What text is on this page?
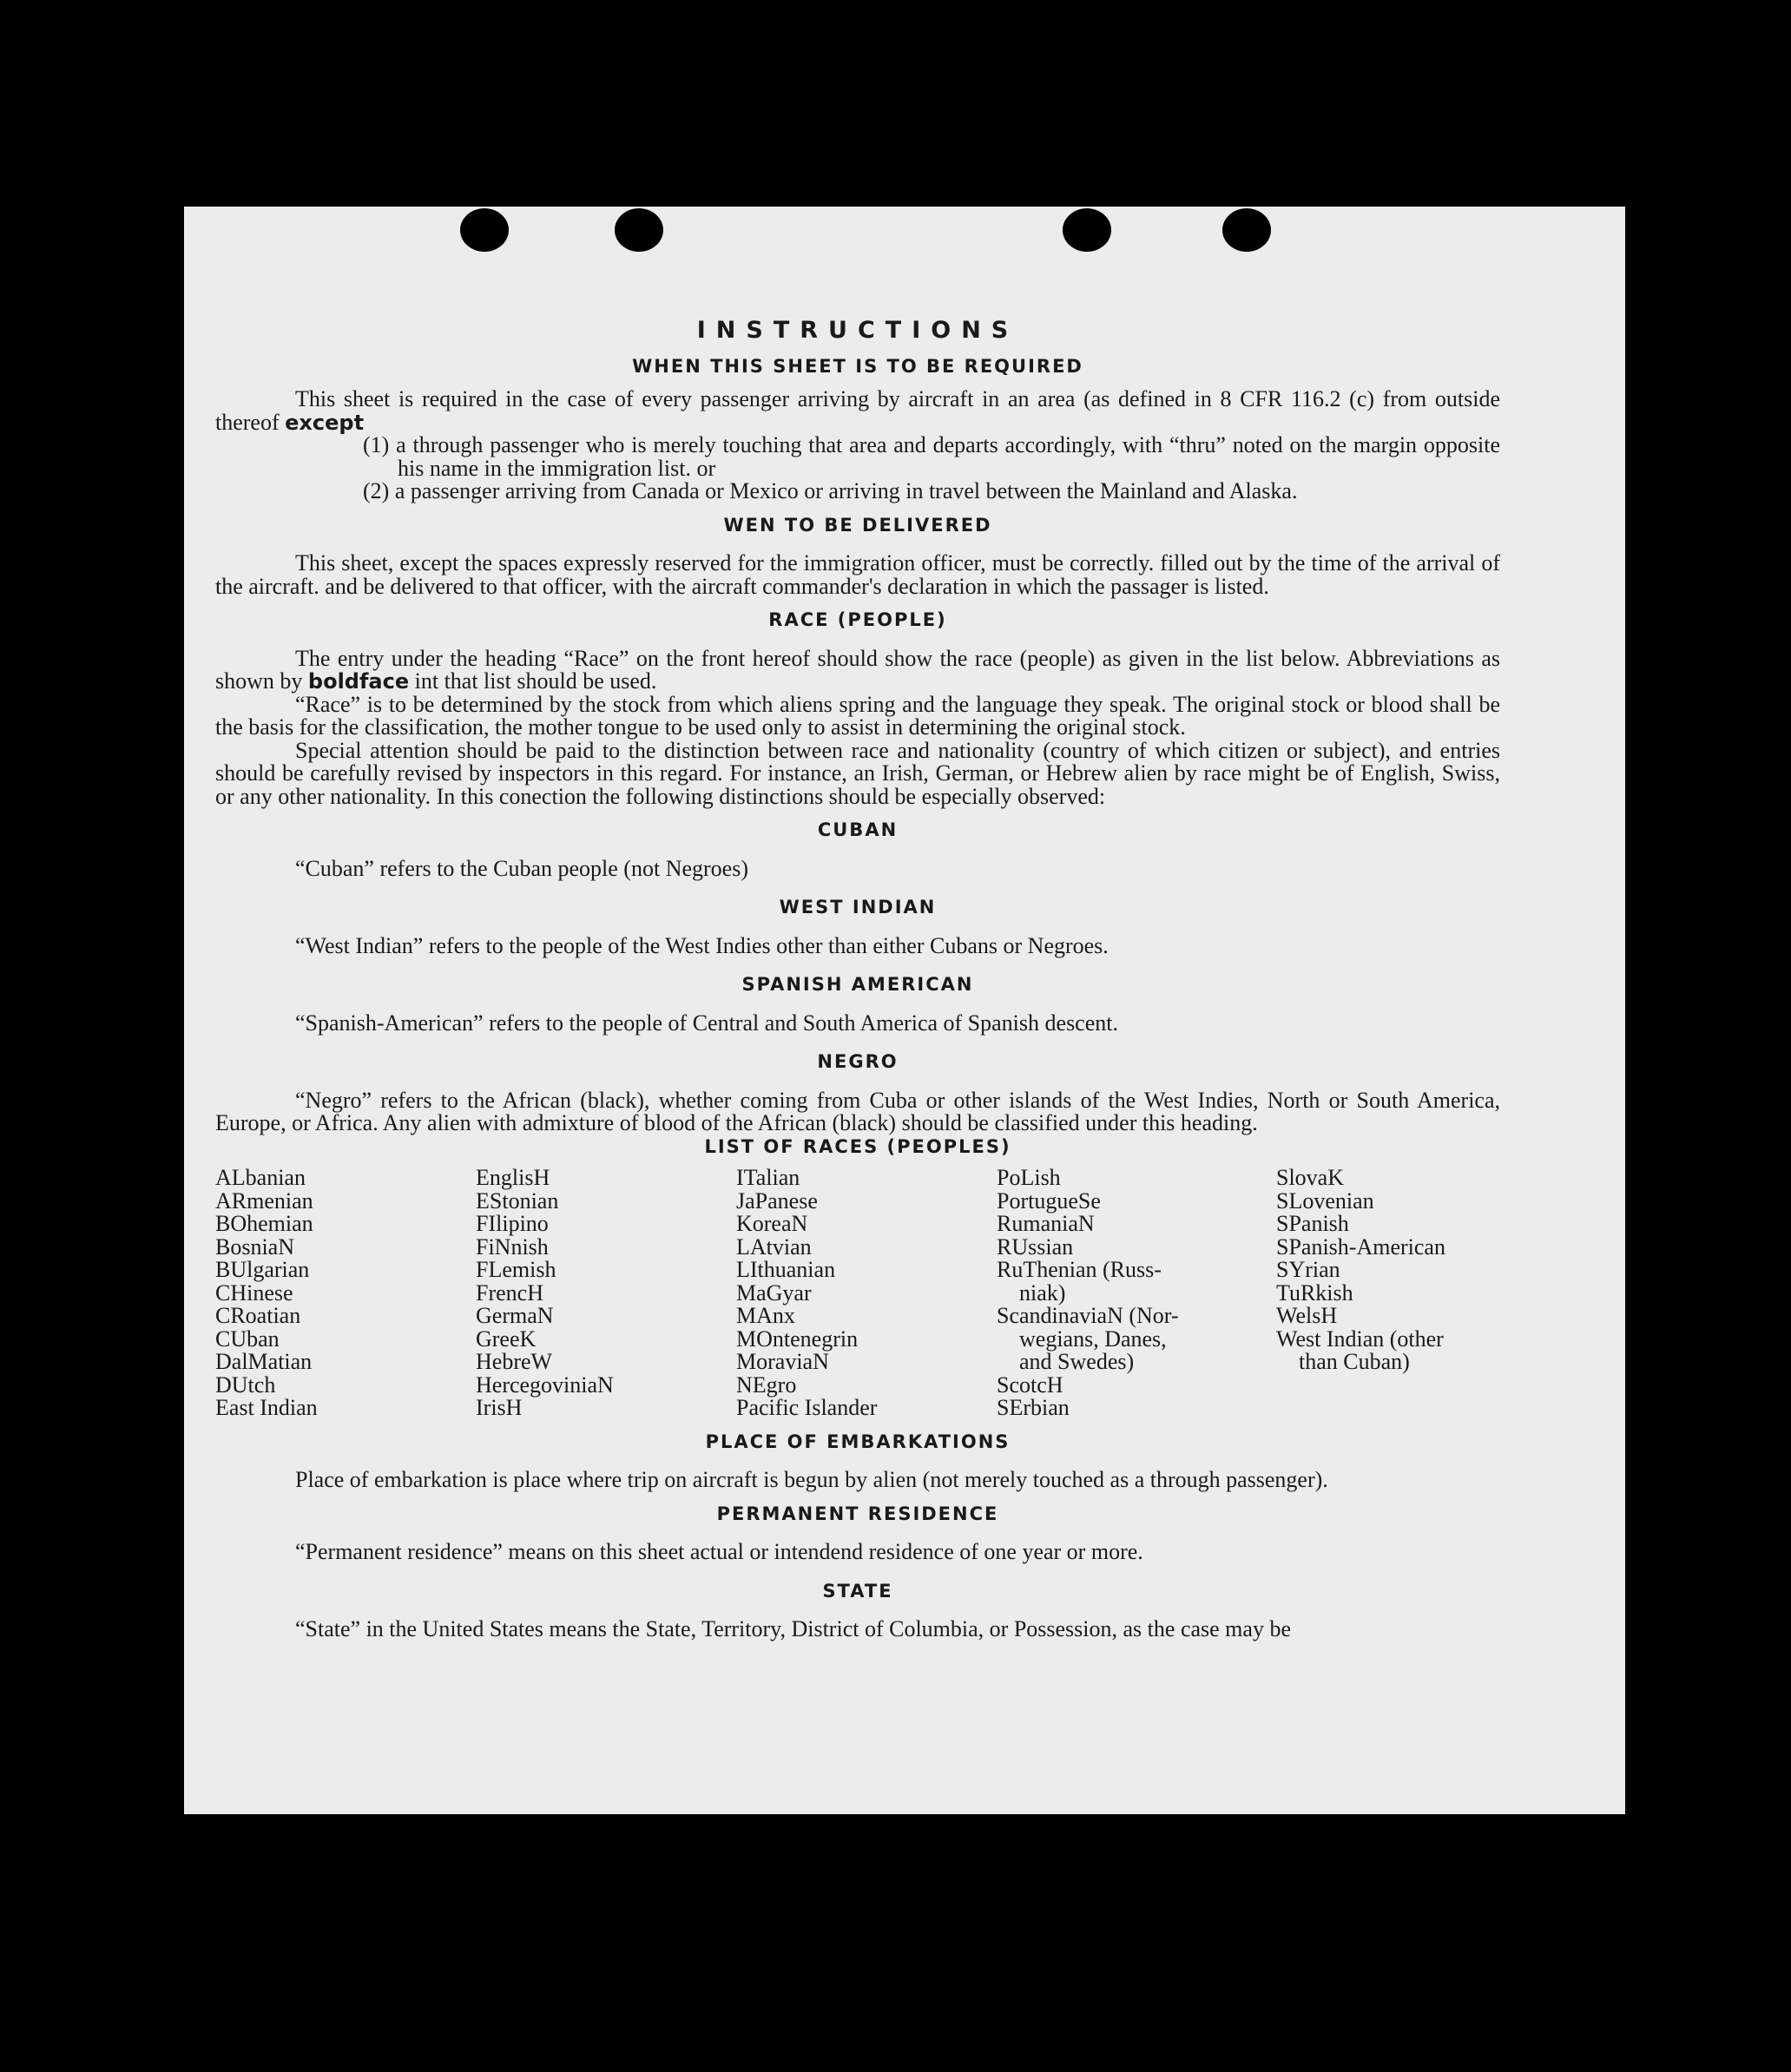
INSTRUCTIONS
WHEN THIS SHEET IS TO BE REQUIRED

This sheet is required in the case of every passenger arriving by aircraft in an area (as defined in 8 CFR 116.2 (c) from outside thereof except

(1) a through passenger who is merely touching that area and departs accordingly, with “thru” noted on the margin opposite his name in the immigration list. or

(2) a passenger arriving from Canada or Mexico or arriving in travel between the Mainland and Alaska.

WEN TO BE DELIVERED

This sheet, except the spaces expressly reserved for the immigration officer, must be correctly. filled out by the time of the arrival of the aircraft. and be delivered to that officer, with the aircraft commander's declaration in which the passager is listed.

RACE (PEOPLE)

The entry under the heading “Race” on the front hereof should show the race (people) as given in the list below. Abbreviations as shown by boldface int that list should be used.

“Race” is to be determined by the stock from which aliens spring and the language they speak. The original stock or blood shall be the basis for the classification, the mother tongue to be used only to assist in determining the original stock.

Special attention should be paid to the distinction between race and nationality (country of which citizen or subject), and entries should be carefully revised by inspectors in this regard. For instance, an Irish, German, or Hebrew alien by race might be of English, Swiss, or any other nationality. In this conection the following distinctions should be especially observed:

CUBAN

“Cuban” refers to the Cuban people (not Negroes)

WEST INDIAN

“West Indian” refers to the people of the West Indies other than either Cubans or Negroes.

SPANISH AMERICAN

“Spanish-American” refers to the people of Central and South America of Spanish descent.

NEGRO

“Negro” refers to the African (black), whether coming from Cuba or other islands of the West Indies, North or South America, Europe, or Africa. Any alien with admixture of blood of the African (black) should be classified under this heading.

LIST OF RACES (PEOPLES)
ALbanian
ARmenian
BOhemian
BosniaN
BUlgarian
CHinese
CRoatian
CUban
DalMatian
DUtch
East Indian
EnglisH
EStonian
FIlipino
FiNnish
FLemish
FrencH
GermaN
GreeK
HebreW
HercegoviniaN
IrisH
ITalian
JaPanese
KoreaN
LAtvian
LIthuanian
MaGyar
MAnx
MOntenegrin
MoraviaN
NEgro
Pacific Islander
PoLish
PortugueSe
RumaniaN
RUssian
RuThenian (Russ-
niak)
ScandinaviaN (Nor-
wegians, Danes,
and Swedes)
ScotcH
SErbian
SlovaK
SLovenian
SPanish
SPanish-American
SYrian
TuRkish
WelsH
West Indian (other
than Cuban)
PLACE OF EMBARKATIONS

Place of embarkation is place where trip on aircraft is begun by alien (not merely touched as a through passenger).

PERMANENT RESIDENCE

“Permanent residence” means on this sheet actual or intendend residence of one year or more.

STATE

“State” in the United States means the State, Territory, District of Columbia, or Possession, as the case may be
